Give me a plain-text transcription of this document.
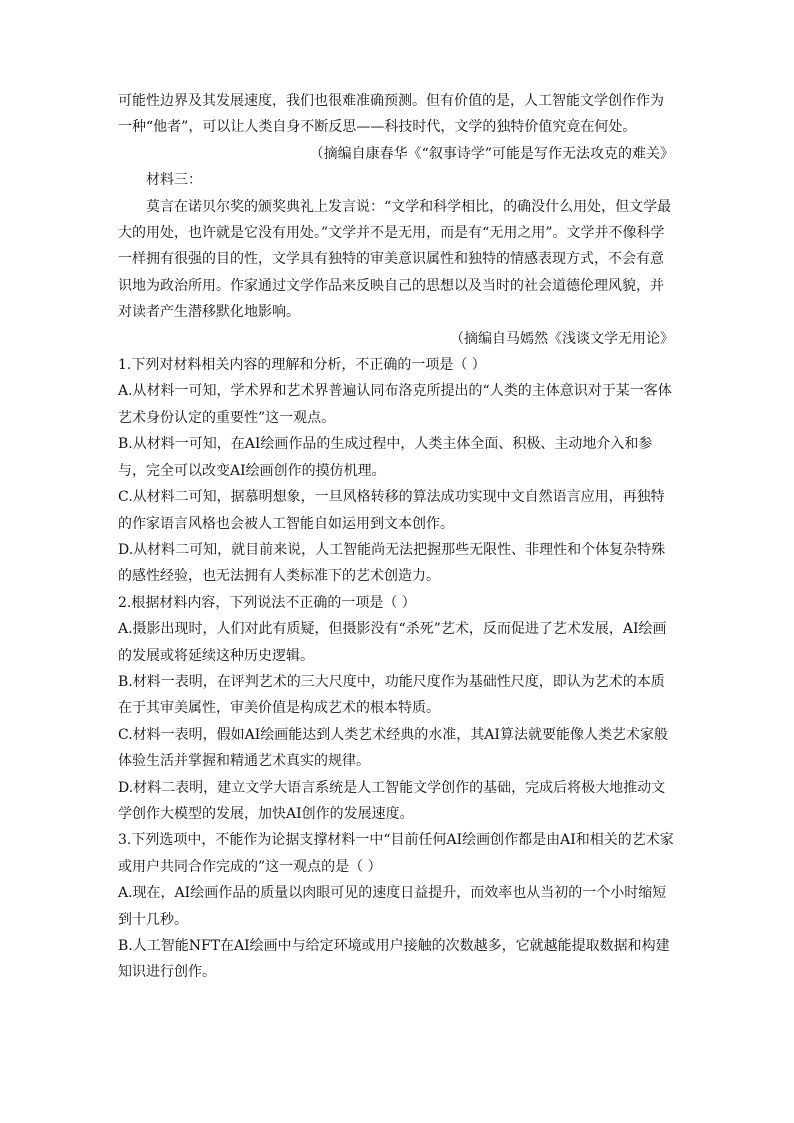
可能性边界及其发展速度，我们也很难准确预测。但有价值的是，人工智能文学创作作为

一种“他者”，可以让人类自身不断反思——科技时代，文学的独特价值究竟在何处。

（摘编自康春华《“叙事诗学”可能是写作无法攻克的难关》

材料三：

莫言在诺贝尔奖的颁奖典礼上发言说：“文学和科学相比，的确没什么用处，但文学最大的用处，也许就是它没有用处。”文学并不是无用，而是有“无用之用”。文学并不像科学一样拥有很强的目的性，文学具有独特的审美意识属性和独特的情感表现方式，不会有意识地为政治所用。作家通过文学作品来反映自己的思想以及当时的社会道德伦理风貌，并对读者产生潜移默化地影响。

（摘编自马嫣然《浅谈文学无用论》

1.下列对材料相关内容的理解和分析，不正确的一项是（ ）

A.从材料一可知，学术界和艺术界普遍认同布洛克所提出的“人类的主体意识对于某一客体艺术身份认定的重要性”这一观点。

B.从材料一可知，在AI绘画作品的生成过程中，人类主体全面、积极、主动地介入和参与，完全可以改变AI绘画创作的摸仿机理。

C.从材料二可知，据慕明想象，一旦风格转移的算法成功实现中文自然语言应用，再独特的作家语言风格也会被人工智能自如运用到文本创作。

D.从材料二可知，就目前来说，人工智能尚无法把握那些无限性、非理性和个体复杂特殊的感性经验，也无法拥有人类标准下的艺术创造力。

2.根据材料内容，下列说法不正确的一项是（ ）

A.摄影出现时，人们对此有质疑，但摄影没有“杀死”艺术，反而促进了艺术发展，AI绘画的发展或将延续这种历史逻辑。

B.材料一表明，在评判艺术的三大尺度中，功能尺度作为基础性尺度，即认为艺术的本质在于其审美属性，审美价值是构成艺术的根本特质。

C.材料一表明，假如AI绘画能达到人类艺术经典的水准，其AI算法就要能像人类艺术家般体验生活并掌握和精通艺术真实的规律。

D.材料二表明，建立文学大语言系统是人工智能文学创作的基础，完成后将极大地推动文学创作大模型的发展，加快AI创作的发展速度。

3.下列选项中，不能作为论据支撑材料一中“目前任何AI绘画创作都是由AI和相关的艺术家或用户共同合作完成的”这一观点的是（ ）

A.现在，AI绘画作品的质量以肉眼可见的速度日益提升，而效率也从当初的一个小时缩短到十几秒。

B.人工智能NFT在AI绘画中与给定环境或用户接触的次数越多，它就越能提取数据和构建知识进行创作。
